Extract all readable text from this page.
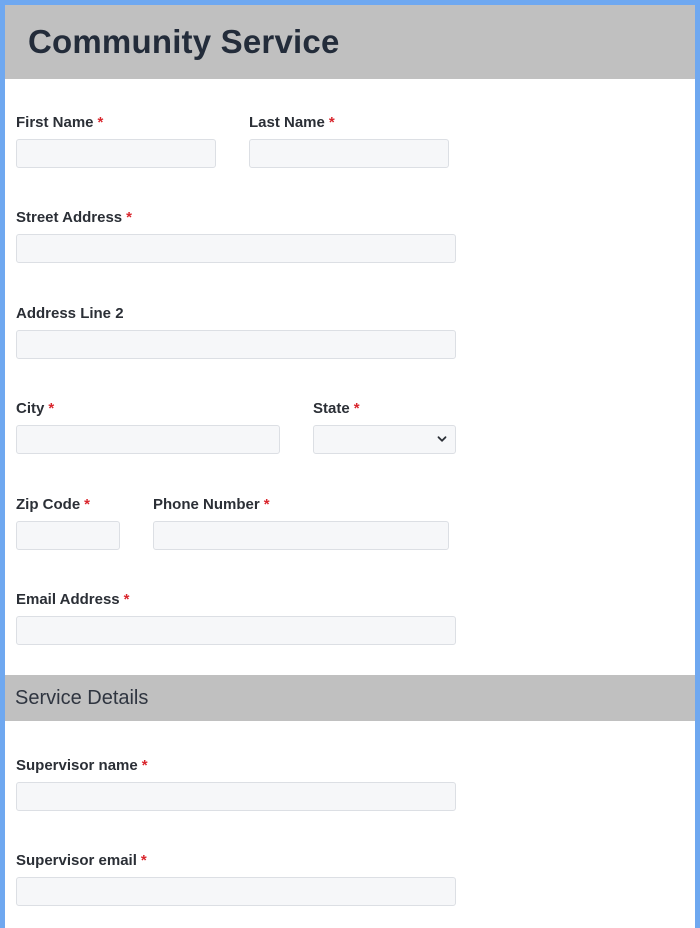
Community Service
First Name *	Last Name *
Street Address *
Address Line 2
City *	State *
Zip Code *	Phone Number *
Email Address *
Service Details
Supervisor name *
Supervisor email *
